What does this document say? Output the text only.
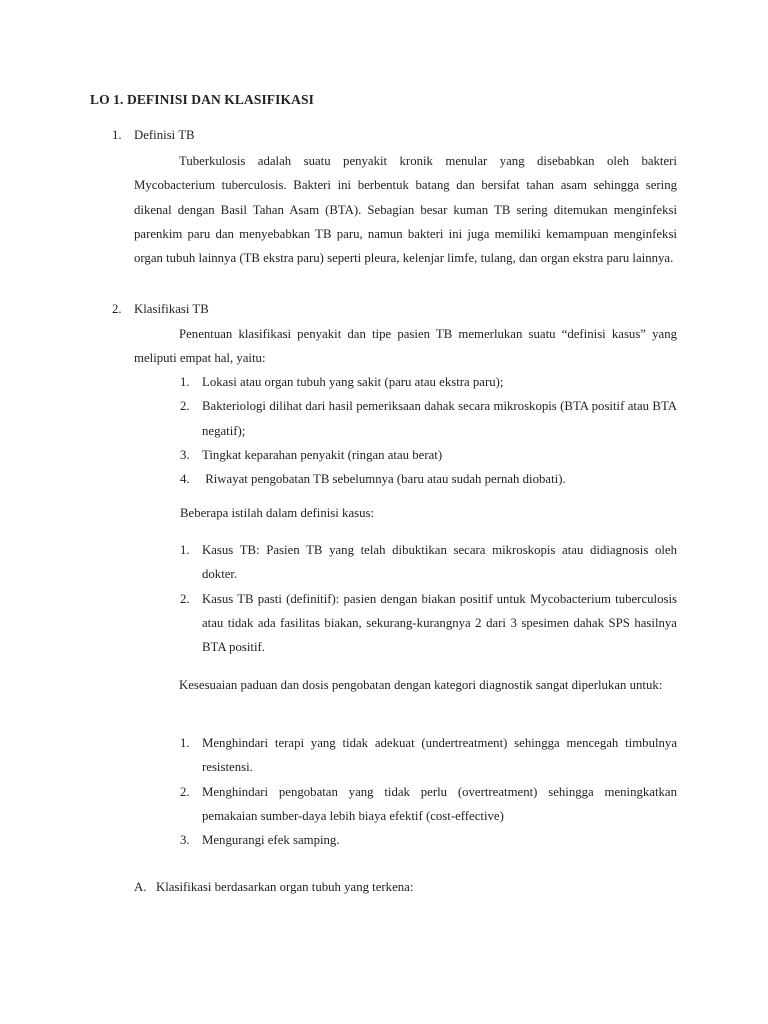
LO 1. DEFINISI DAN KLASIFIKASI
1. Definisi TB
Tuberkulosis adalah suatu penyakit kronik menular yang disebabkan oleh bakteri Mycobacterium tuberculosis. Bakteri ini berbentuk batang dan bersifat tahan asam sehingga sering dikenal dengan Basil Tahan Asam (BTA). Sebagian besar kuman TB sering ditemukan menginfeksi parenkim paru dan menyebabkan TB paru, namun bakteri ini juga memiliki kemampuan menginfeksi organ tubuh lainnya (TB ekstra paru) seperti pleura, kelenjar limfe, tulang, dan organ ekstra paru lainnya.
2. Klasifikasi TB
Penentuan klasifikasi penyakit dan tipe pasien TB memerlukan suatu “definisi kasus” yang meliputi empat hal, yaitu:
1. Lokasi atau organ tubuh yang sakit (paru atau ekstra paru);
2. Bakteriologi dilihat dari hasil pemeriksaan dahak secara mikroskopis (BTA positif atau BTA negatif);
3. Tingkat keparahan penyakit (ringan atau berat)
4. Riwayat pengobatan TB sebelumnya (baru atau sudah pernah diobati).
Beberapa istilah dalam definisi kasus:
1. Kasus TB: Pasien TB yang telah dibuktikan secara mikroskopis atau didiagnosis oleh dokter.
2. Kasus TB pasti (definitif): pasien dengan biakan positif untuk Mycobacterium tuberculosis atau tidak ada fasilitas biakan, sekurang-kurangnya 2 dari 3 spesimen dahak SPS hasilnya BTA positif.
Kesesuaian paduan dan dosis pengobatan dengan kategori diagnostik sangat diperlukan untuk:
1. Menghindari terapi yang tidak adekuat (undertreatment) sehingga mencegah timbulnya resistensi.
2. Menghindari pengobatan yang tidak perlu (overtreatment) sehingga meningkatkan pemakaian sumber-daya lebih biaya efektif (cost-effective)
3. Mengurangi efek samping.
A. Klasifikasi berdasarkan organ tubuh yang terkena:
